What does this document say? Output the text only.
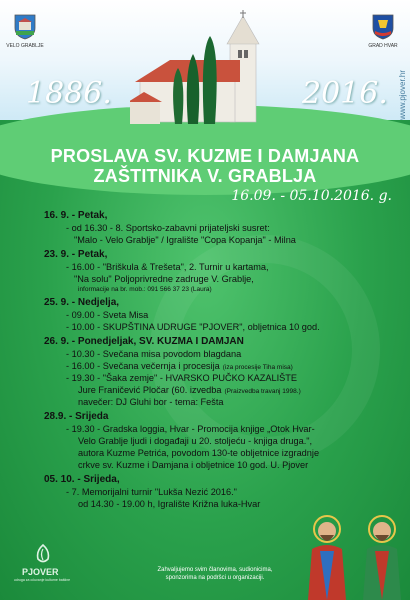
VELO GRABLJE	GRAD HVAR
1886.	2016. www.pjover.hr
PROSLAVA SV. KUZME I DAMJANA
ZAŠTITNIKA V. GRABLJA
16.09. - 05.10.2016. g.
16. 9. - Petak,
- od 16.30 - 8. Sportsko-zabavni prijateljski susret:
"Malo - Velo Grablje" / Igralište "Copa Kopanja" - Milna
23. 9. - Petak,
- 16.00 - "Briškula & Trešeta", 2. Turnir u kartama,
"Na solu" Poljoprivredne zadruge V. Grablje,
informacije na br. mob.: 091 566 37 23 (Laura)
25. 9. - Nedjelja,
- 09.00 - Sveta Misa
- 10.00 - SKUPŠTINA UDRUGE "PJOVER", obljetnica 10 god.
26. 9. - Ponedjeljak, SV. KUZMA I DAMJAN
- 10.30 - Svečana misa povodom blagdana
- 16.00 - Svečana večernja i procesija (iza procesije Tiha misa)
- 19.30 - "Šaka zemje" - HVARSKO PUČKO KAZALIŠTE
Jure Franičević Pločar (60. izvedba (Praizvedba travanj 1998.)
navečer: DJ Gluhi bor - tema: Fešta
28.9. - Srijeda
- 19.30 - Gradska loggia, Hvar - Promocija knjige „Otok Hvar-
Velo Grablje ljudi i događaji u 20. stoljeću - knjiga druga.",
autora Kuzme Petrića, povodom 130-te obljetnice izgradnje
crkve sv. Kuzme i Damjana i obljetnice 10 god. U. Pjover
05. 10. - Srijeda,
- 7. Memorijalni turnir "Lukša Nezić 2016."
od 14.30 - 19.00 h, Igralište Križna luka-Hvar
PJOVER
udruga za očuvanje kulturne baštine
Zahvaljujemo svim članovima, sudionicima, sponzorima na podršci u organizaciji.
